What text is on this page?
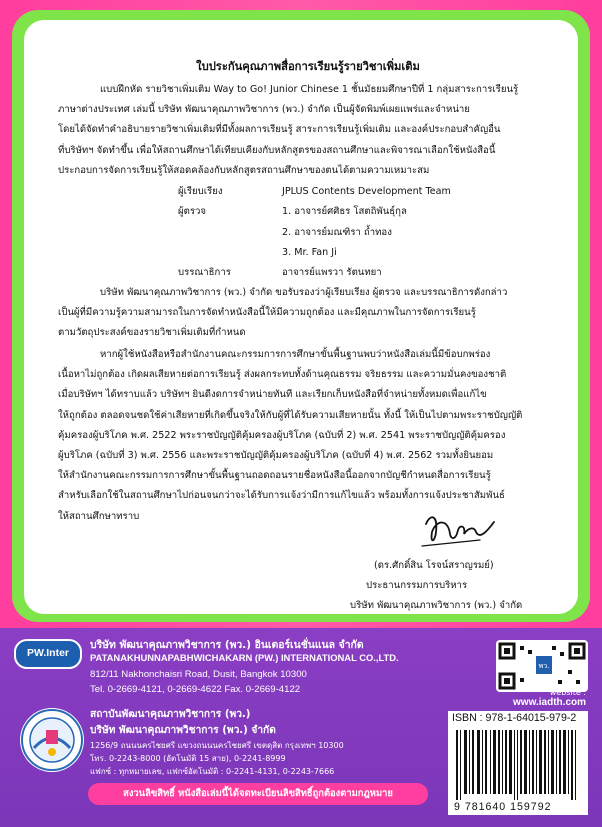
ใบประกันคุณภาพสื่อการเรียนรู้รายวิชาเพิ่มเติม
แบบฝึกหัด รายวิชาเพิ่มเติม Way to Go! Junior Chinese 1 ชั้นมัธยมศึกษาปีที่ 1 กลุ่มสาระการเรียนรู้
ภาษาต่างประเทศ เล่มนี้ บริษัท พัฒนาคุณภาพวิชาการ (พว.) จำกัด เป็นผู้จัดพิมพ์เผยแพร่และจำหน่าย
โดยได้จัดทำคำอธิบายรายวิชาเพิ่มเติมที่มีทั้งผลการเรียนรู้ สาระการเรียนรู้เพิ่มเติม และองค์ประกอบสำคัญอื่น
ที่บริษัทฯ จัดทำขึ้น เพื่อให้สถานศึกษาได้เทียบเคียงกับหลักสูตรของสถานศึกษาและพิจารณาเลือกใช้หนังสือนี้
ประกอบการจัดการเรียนรู้ให้สอดคล้องกับหลักสูตรสถานศึกษาของตนได้ตามความเหมาะสม
ผู้เรียบเรียง	JPLUS Contents Development Team
ผู้ตรวจ	1. อาจารย์ศศิธร โสตถิพันธุ์กุล
2. อาจารย์มณฑิรา ถ้ำทอง
3. Mr. Fan Ji
บรรณาธิการ	อาจารย์แพรวา รัตนทยา
บริษัท พัฒนาคุณภาพวิชาการ (พว.) จำกัด ขอรับรองว่าผู้เรียบเรียง ผู้ตรวจ และบรรณาธิการดังกล่าว
เป็นผู้ที่มีความรู้ความสามารถในการจัดทำหนังสือนี้ให้มีความถูกต้อง และมีคุณภาพในการจัดการเรียนรู้
ตามวัตถุประสงค์ของรายวิชาเพิ่มเติมที่กำหนด
หากผู้ใช้หนังสือหรือสำนักงานคณะกรรมการการศึกษาขั้นพื้นฐานพบว่าหนังสือเล่มนี้มีข้อบกพร่อง
เนื้อหาไม่ถูกต้อง เกิดผลเสียหายต่อการเรียนรู้ ส่งผลกระทบทั้งด้านคุณธรรม จริยธรรม และความมั่นคงของชาติ
เมื่อบริษัทฯ ได้ทราบแล้ว บริษัทฯ ยินดีงดการจำหน่ายทันที และเรียกเก็บหนังสือที่จำหน่ายทั้งหมดเพื่อแก้ไข
ให้ถูกต้อง ตลอดจนชดใช้ค่าเสียหายที่เกิดขึ้นจริงให้กับผู้ที่ได้รับความเสียหายนั้น ทั้งนี้ ให้เป็นไปตามพระราชบัญญัติ
คุ้มครองผู้บริโภค พ.ศ. 2522 พระราชบัญญัติคุ้มครองผู้บริโภค (ฉบับที่ 2) พ.ศ. 2541 พระราชบัญญัติคุ้มครอง
ผู้บริโภค (ฉบับที่ 3) พ.ศ. 2556 และพระราชบัญญัติคุ้มครองผู้บริโภค (ฉบับที่ 4) พ.ศ. 2562 รวมทั้งยินยอม
ให้สำนักงานคณะกรรมการการศึกษาขั้นพื้นฐานถอดถอนรายชื่อหนังสือนี้ออกจากบัญชีกำหนดสื่อการเรียนรู้
สำหรับเลือกใช้ในสถานศึกษาไปก่อนจนกว่าจะได้รับการแจ้งว่ามีการแก้ไขแล้ว พร้อมทั้งการแจ้งประชาสัมพันธ์
ให้สถานศึกษาทราบ
(ดร.ศักดิ์สิน โรจน์สราญรมย์)
ประธานกรรมการบริหาร
บริษัท พัฒนาคุณภาพวิชาการ (พว.) จำกัด
PW.Inter
บริษัท พัฒนาคุณภาพวิชาการ (พว.) อินเตอร์เนชั่นแนล จำกัด
PATANAKHUNNAPABHWICHAKARN (PW.) INTERNATIONAL CO.,LTD.
812/11 Nakhonchaisri Road, Dusit, Bangkok 10300
Tel. 0-2669-4121, 0-2669-4622 Fax. 0-2669-4122
สถาบันพัฒนาคุณภาพวิชาการ (พว.)
บริษัท พัฒนาคุณภาพวิชาการ (พว.) จำกัด
1256/9 ถนนนครไชยศรี แขวงถนนนครไชยศรี เขตดุสิต กรุงเทพฯ 10300
โทร. 0-2243-8000 (อัตโนมัติ 15 สาย), 0-2241-8999
แฟกซ์ : ทุกหมายเลข, แฟกซ์อัตโนมัติ : 0-2241-4131, 0-2243-7666
สงวนลิขสิทธิ์ หนังสือเล่มนี้ได้จดทะเบียนลิขสิทธิ์ถูกต้องตามกฎหมาย
พว.
website :
www.iadth.com
ISBN : 978-1-64015-979-2
9 781640 159792
